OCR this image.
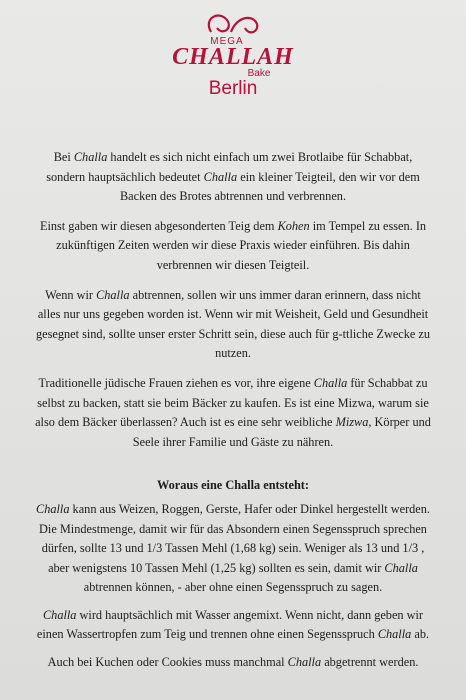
MEGA
CHALLAH
Bake
Berlin

Bei Challa handelt es sich nicht einfach um zwei Brotlaibe für Schabbat, sondern hauptsächlich bedeutet Challa ein kleiner Teigteil, den wir vor dem Backen des Brotes abtrennen und verbrennen.

Einst gaben wir diesen abgesonderten Teig dem Kohen im Tempel zu essen. In zukünftigen Zeiten werden wir diese Praxis wieder einführen. Bis dahin verbrennen wir diesen Teigteil.

Wenn wir Challa abtrennen, sollen wir uns immer daran erinnern, dass nicht alles nur uns gegeben worden ist. Wenn wir mit Weisheit, Geld und Gesundheit gesegnet sind, sollte unser erster Schritt sein, diese auch für g-ttliche Zwecke zu nutzen.

Traditionelle jüdische Frauen ziehen es vor, ihre eigene Challa für Schabbat zu selbst zu backen, statt sie beim Bäcker zu kaufen. Es ist eine Mizwa, warum sie also dem Bäcker überlassen? Auch ist es eine sehr weibliche Mizwa, Körper und Seele ihrer Familie und Gäste zu nähren.

Woraus eine Challa entsteht:

Challa kann aus Weizen, Roggen, Gerste, Hafer oder Dinkel hergestellt werden. Die Mindestmenge, damit wir für das Absondern einen Segensspruch sprechen dürfen, sollte 13 und 1/3 Tassen Mehl (1,68 kg) sein. Weniger als 13 und 1/3 , aber wenigstens 10 Tassen Mehl (1,25 kg) sollten es sein, damit wir Challa abtrennen können, - aber ohne einen Segensspruch zu sagen.

Challa wird hauptsächlich mit Wasser angemixt. Wenn nicht, dann geben wir einen Wassertropfen zum Teig und trennen ohne einen Segensspruch Challa ab.

Auch bei Kuchen oder Cookies muss manchmal Challa abgetrennt werden.
